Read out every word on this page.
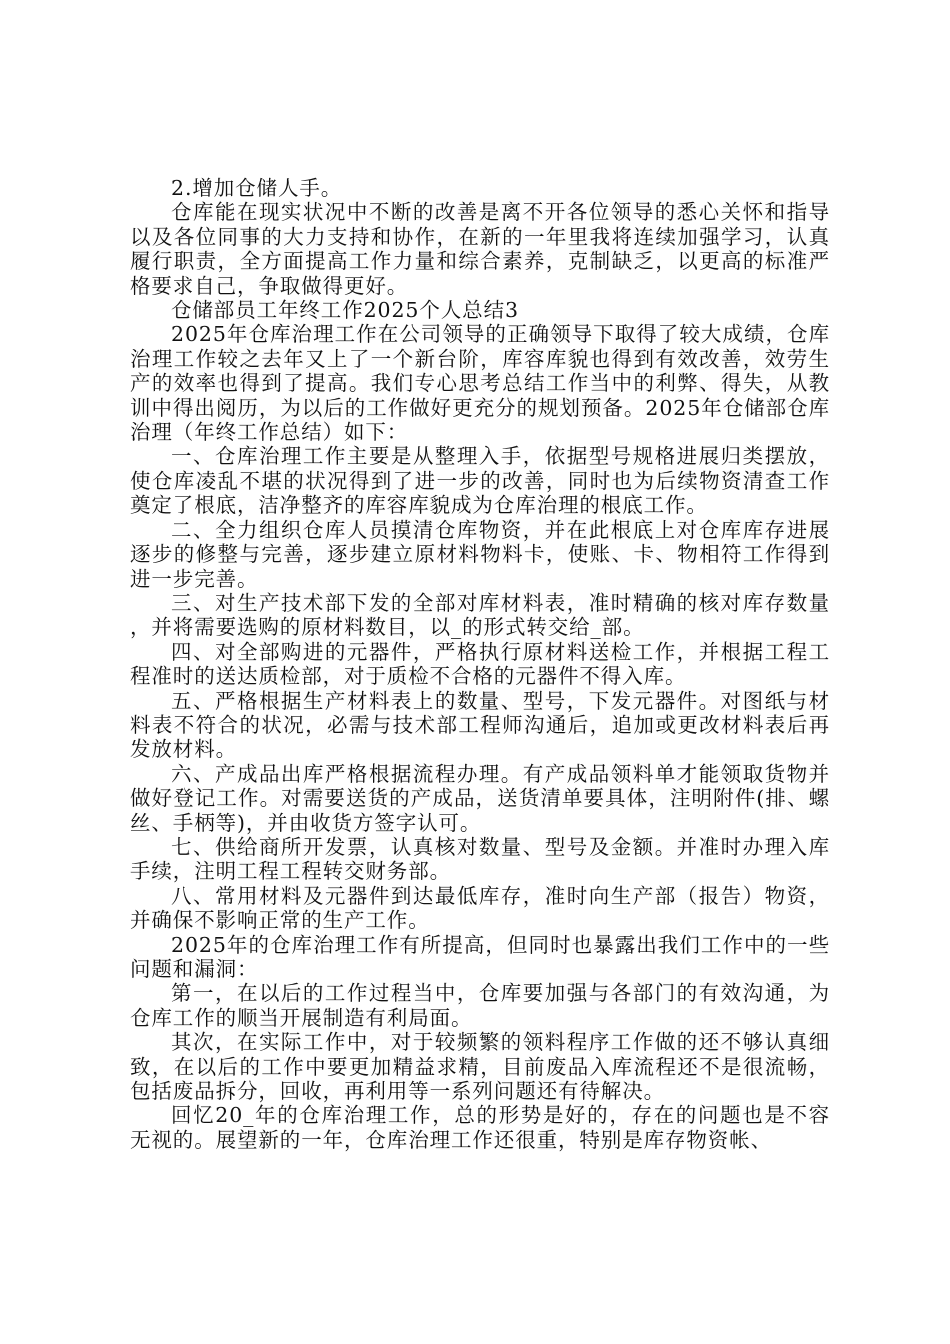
2.增加仓储人手。

仓库能在现实状况中不断的改善是离不开各位领导的悉心关怀和指导以及各位同事的大力支持和协作，在新的一年里我将连续加强学习，认真履行职责，全方面提高工作力量和综合素养，克制缺乏，以更高的标准严格要求自己，争取做得更好。

仓储部员工年终工作2025个人总结3

2025年仓库治理工作在公司领导的正确领导下取得了较大成绩，仓库治理工作较之去年又上了一个新台阶，库容库貌也得到有效改善，效劳生产的效率也得到了提高。我们专心思考总结工作当中的利弊、得失，从教训中得出阅历，为以后的工作做好更充分的规划预备。2025年仓储部仓库治理（年终工作总结）如下：

一、仓库治理工作主要是从整理入手，依据型号规格进展归类摆放，使仓库凌乱不堪的状况得到了进一步的改善，同时也为后续物资清查工作奠定了根底，洁净整齐的库容库貌成为仓库治理的根底工作。

二、全力组织仓库人员摸清仓库物资，并在此根底上对仓库库存进展逐步的修整与完善，逐步建立原材料物料卡，使账、卡、物相符工作得到进一步完善。

三、对生产技术部下发的全部对库材料表，准时精确的核对库存数量，并将需要选购的原材料数目，以_的形式转交给_部。

四、对全部购进的元器件，严格执行原材料送检工作，并根据工程工程准时的送达质检部，对于质检不合格的元器件不得入库。

五、严格根据生产材料表上的数量、型号，下发元器件。对图纸与材料表不符合的状况，必需与技术部工程师沟通后，追加或更改材料表后再发放材料。

六、产成品出库严格根据流程办理。有产成品领料单才能领取货物并做好登记工作。对需要送货的产成品，送货清单要具体，注明附件(排、螺丝、手柄等)，并由收货方签字认可。

七、供给商所开发票，认真核对数量、型号及金额。并准时办理入库手续，注明工程工程转交财务部。

八、常用材料及元器件到达最低库存，准时向生产部（报告）物资，并确保不影响正常的生产工作。

2025年的仓库治理工作有所提高，但同时也暴露出我们工作中的一些问题和漏洞：

第一，在以后的工作过程当中，仓库要加强与各部门的有效沟通，为仓库工作的顺当开展制造有利局面。

其次，在实际工作中，对于较频繁的领料程序工作做的还不够认真细致，在以后的工作中要更加精益求精，目前废品入库流程还不是很流畅，包括废品拆分，回收，再利用等一系列问题还有待解决。

回忆20_年的仓库治理工作，总的形势是好的，存在的问题也是不容无视的。展望新的一年，仓库治理工作还很重，特别是库存物资帐、
